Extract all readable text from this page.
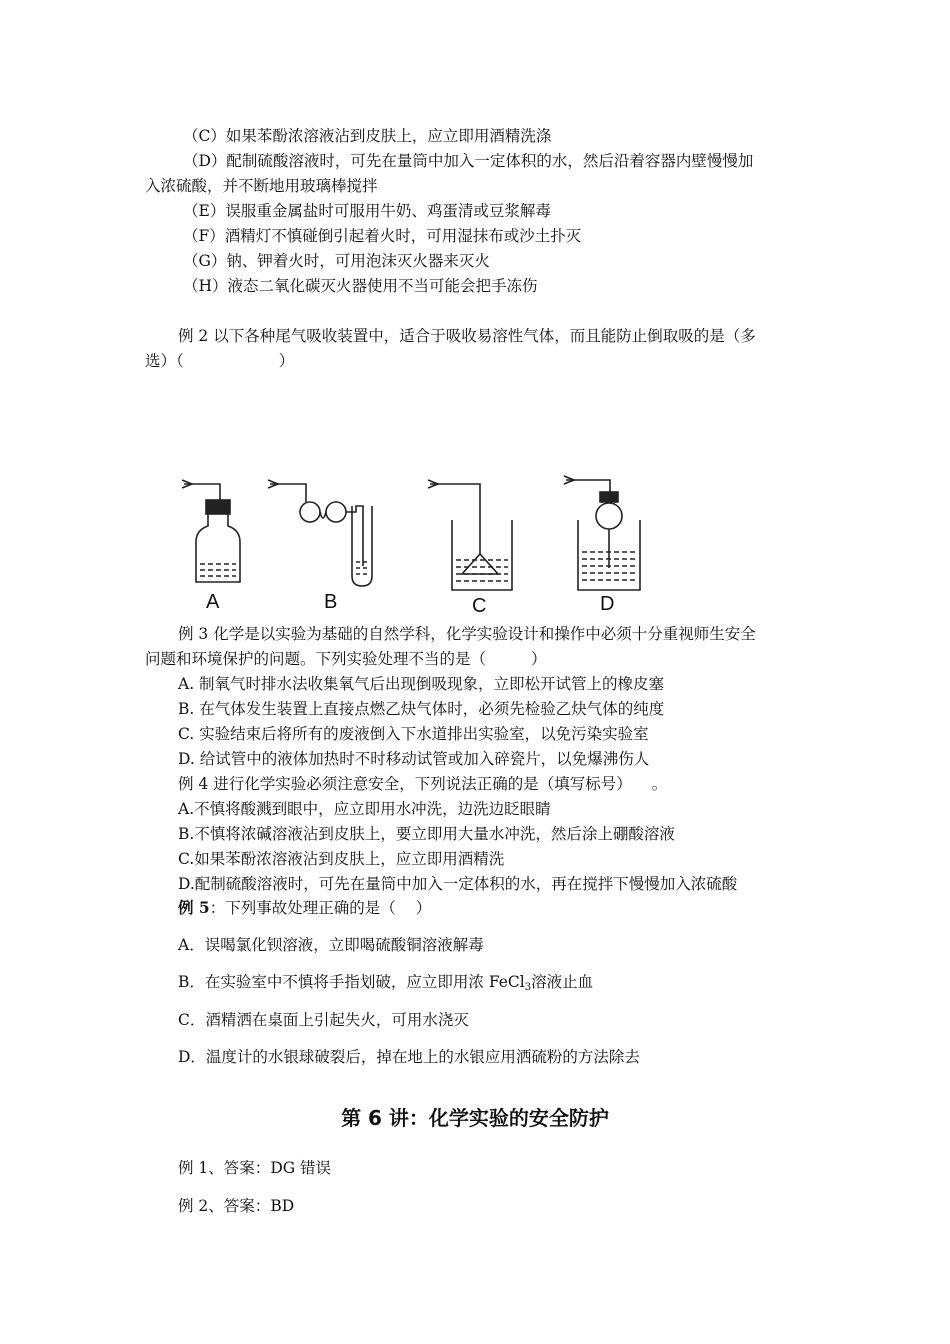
（C）如果苯酚浓溶液沾到皮肤上，应立即用酒精洗涤
（D）配制硫酸溶液时，可先在量筒中加入一定体积的水，然后沿着容器内壁慢慢加
入浓硫酸，并不断地用玻璃棒搅拌
（E）误服重金属盐时可服用牛奶、鸡蛋清或豆浆解毒
（F）酒精灯不慎碰倒引起着火时，可用湿抹布或沙土扑灭
（G）钠、钾着火时，可用泡沫灭火器来灭火
（H）液态二氧化碳灭火器使用不当可能会把手冻伤
例 2 以下各种尾气吸收装置中，适合于吸收易溶性气体，而且能防止倒取吸的是（多
选）（	）
A	B	C	D
例 3 化学是以实验为基础的自然学科，化学实验设计和操作中必须十分重视师生安全
问题和环境保护的问题。下列实验处理不当的是（	）
A. 制氧气时排水法收集氧气后出现倒吸现象，立即松开试管上的橡皮塞
B. 在气体发生装置上直接点燃乙炔气体时，必须先检验乙炔气体的纯度
C. 实验结束后将所有的废液倒入下水道排出实验室，以免污染实验室
D. 给试管中的液体加热时不时移动试管或加入碎瓷片，以免爆沸伤人
例 4 进行化学实验必须注意安全，下列说法正确的是（填写标号） 。
A.不慎将酸溅到眼中，应立即用水冲洗，边洗边眨眼睛
B.不慎将浓碱溶液沾到皮肤上，要立即用大量水冲洗，然后涂上硼酸溶液
C.如果苯酚浓溶液沾到皮肤上，应立即用酒精洗
D.配制硫酸溶液时，可先在量筒中加入一定体积的水，再在搅拌下慢慢加入浓硫酸
例 5：下列事故处理正确的是（ ）
A．误喝氯化钡溶液，立即喝硫酸铜溶液解毒
B．在实验室中不慎将手指划破，应立即用浓 FeCl$_3$溶液止血
C．酒精洒在桌面上引起失火，可用水浇灭
D．温度计的水银球破裂后，掉在地上的水银应用洒硫粉的方法除去
第 6 讲：化学实验的安全防护
例 1、答案：DG 错误
例 2、答案：BD
